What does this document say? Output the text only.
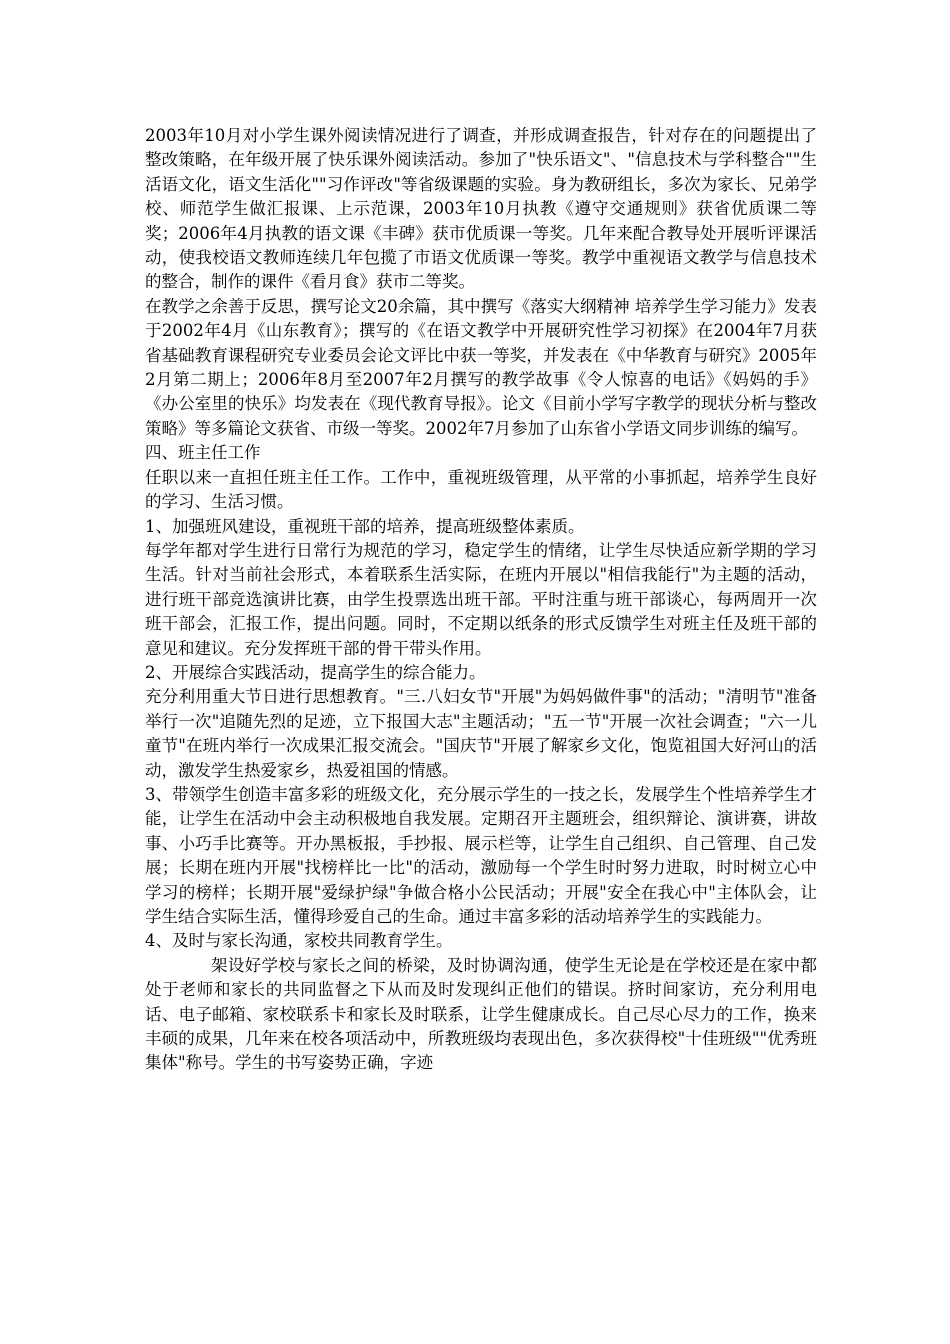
2003年10月对小学生课外阅读情况进行了调查，并形成调查报告，针对存在的问题提出了整改策略，在年级开展了快乐课外阅读活动。参加了"快乐语文"、"信息技术与学科整合""生活语文化，语文生活化""习作评改"等省级课题的实验。身为教研组长，多次为家长、兄弟学校、师范学生做汇报课、上示范课，2003年10月执教《遵守交通规则》获省优质课二等奖；2006年4月执教的语文课《丰碑》获市优质课一等奖。几年来配合教导处开展听评课活动，使我校语文教师连续几年包揽了市语文优质课一等奖。教学中重视语文教学与信息技术的整合，制作的课件《看月食》获市二等奖。

在教学之余善于反思，撰写论文20余篇，其中撰写《落实大纲精神 培养学生学习能力》发表于2002年4月《山东教育》；撰写的《在语文教学中开展研究性学习初探》在2004年7月获省基础教育课程研究专业委员会论文评比中获一等奖，并发表在《中华教育与研究》2005年2月第二期上；2006年8月至2007年2月撰写的教学故事《令人惊喜的电话》《妈妈的手》《办公室里的快乐》均发表在《现代教育导报》。论文《目前小学写字教学的现状分析与整改策略》等多篇论文获省、市级一等奖。2002年7月参加了山东省小学语文同步训练的编写。

四、班主任工作

任职以来一直担任班主任工作。工作中，重视班级管理，从平常的小事抓起，培养学生良好的学习、生活习惯。

1、加强班风建设，重视班干部的培养，提高班级整体素质。

每学年都对学生进行日常行为规范的学习，稳定学生的情绪，让学生尽快适应新学期的学习生活。针对当前社会形式，本着联系生活实际，在班内开展以"相信我能行"为主题的活动，进行班干部竞选演讲比赛，由学生投票选出班干部。平时注重与班干部谈心，每两周开一次班干部会，汇报工作，提出问题。同时，不定期以纸条的形式反馈学生对班主任及班干部的意见和建议。充分发挥班干部的骨干带头作用。

2、开展综合实践活动，提高学生的综合能力。

充分利用重大节日进行思想教育。"三.八妇女节"开展"为妈妈做件事"的活动；"清明节"准备举行一次"追随先烈的足迹，立下报国大志"主题活动；"五一节"开展一次社会调查；"六一儿童节"在班内举行一次成果汇报交流会。"国庆节"开展了解家乡文化，饱览祖国大好河山的活动，激发学生热爱家乡，热爱祖国的情感。

3、带领学生创造丰富多彩的班级文化，充分展示学生的一技之长，发展学生个性培养学生才能，让学生在活动中会主动积极地自我发展。定期召开主题班会，组织辩论、演讲赛，讲故事、小巧手比赛等。开办黑板报，手抄报、展示栏等，让学生自己组织、自己管理、自己发展；长期在班内开展"找榜样比一比"的活动，激励每一个学生时时努力进取，时时树立心中学习的榜样；长期开展"爱绿护绿"争做合格小公民活动；开展"安全在我心中"主体队会，让学生结合实际生活，懂得珍爱自己的生命。通过丰富多彩的活动培养学生的实践能力。

4、及时与家长沟通，家校共同教育学生。

架设好学校与家长之间的桥梁，及时协调沟通，使学生无论是在学校还是在家中都处于老师和家长的共同监督之下从而及时发现纠正他们的错误。挤时间家访，充分利用电话、电子邮箱、家校联系卡和家长及时联系，让学生健康成长。自己尽心尽力的工作，换来丰硕的成果，几年来在校各项活动中，所教班级均表现出色，多次获得校"十佳班级""优秀班集体"称号。学生的书写姿势正确，字迹
